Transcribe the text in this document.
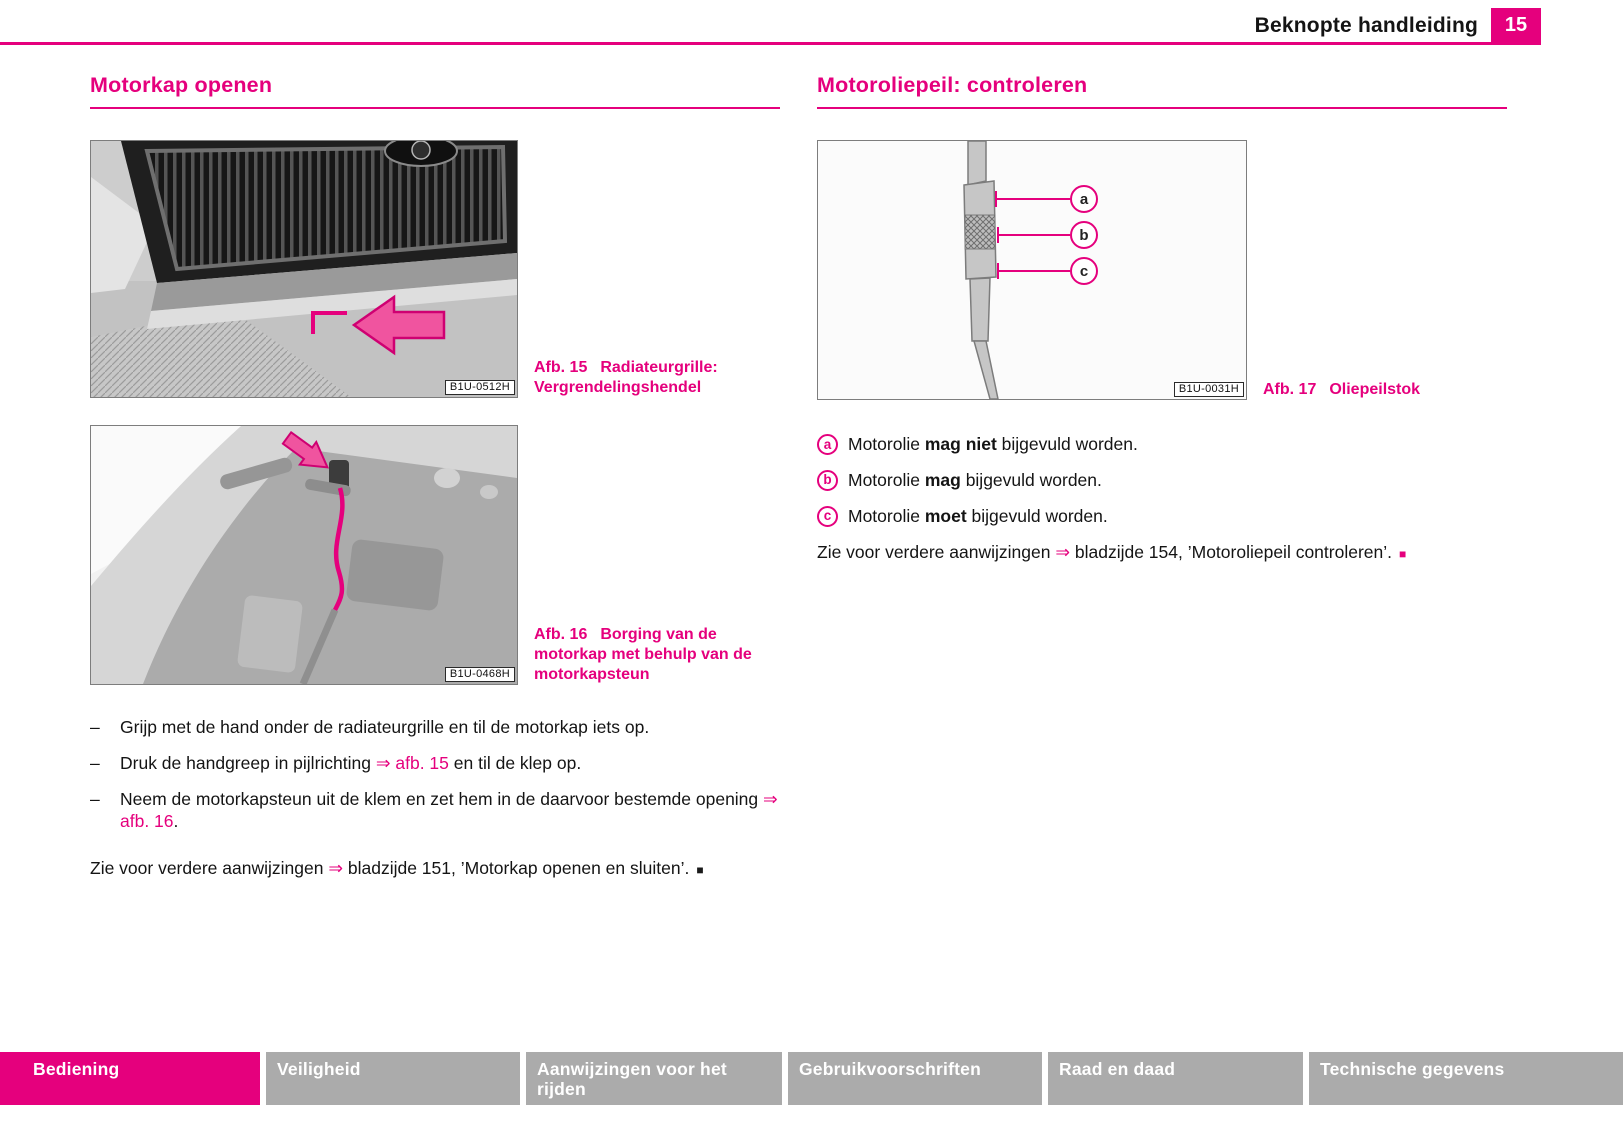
Beknopte handleiding	15
Motorkap openen
B1U-0512H

Afb. 15 Radiateurgrille: Vergrendelingshendel

B1U-0468H

Afb. 16 Borging van de motorkap met behulp van de motorkapsteun

–	Grijp met de hand onder de radiateurgrille en til de motorkap iets op.
–	Druk de handgreep in pijlrichting ⇒ afb. 15 en til de klep op.
–	Neem de motorkapsteun uit de klem en zet hem in de daarvoor bestemde opening ⇒ afb. 16.

Zie voor verdere aanwijzingen ⇒ bladzijde 151, ’Motorkap openen en sluiten’. ■

Motoroliepeil: controleren
a
b
c
B1U-0031H	Afb. 17 Oliepeilstok

a Motorolie mag niet bijgevuld worden.
b Motorolie mag bijgevuld worden.
c Motorolie moet bijgevuld worden.

Zie voor verdere aanwijzingen ⇒ bladzijde 154, ’Motoroliepeil controleren’. ■

Bediening	Veiligheid	Aanwijzingen voor het rijden
Gebruikvoorschriften	Raad en daad	Technische gegevens
